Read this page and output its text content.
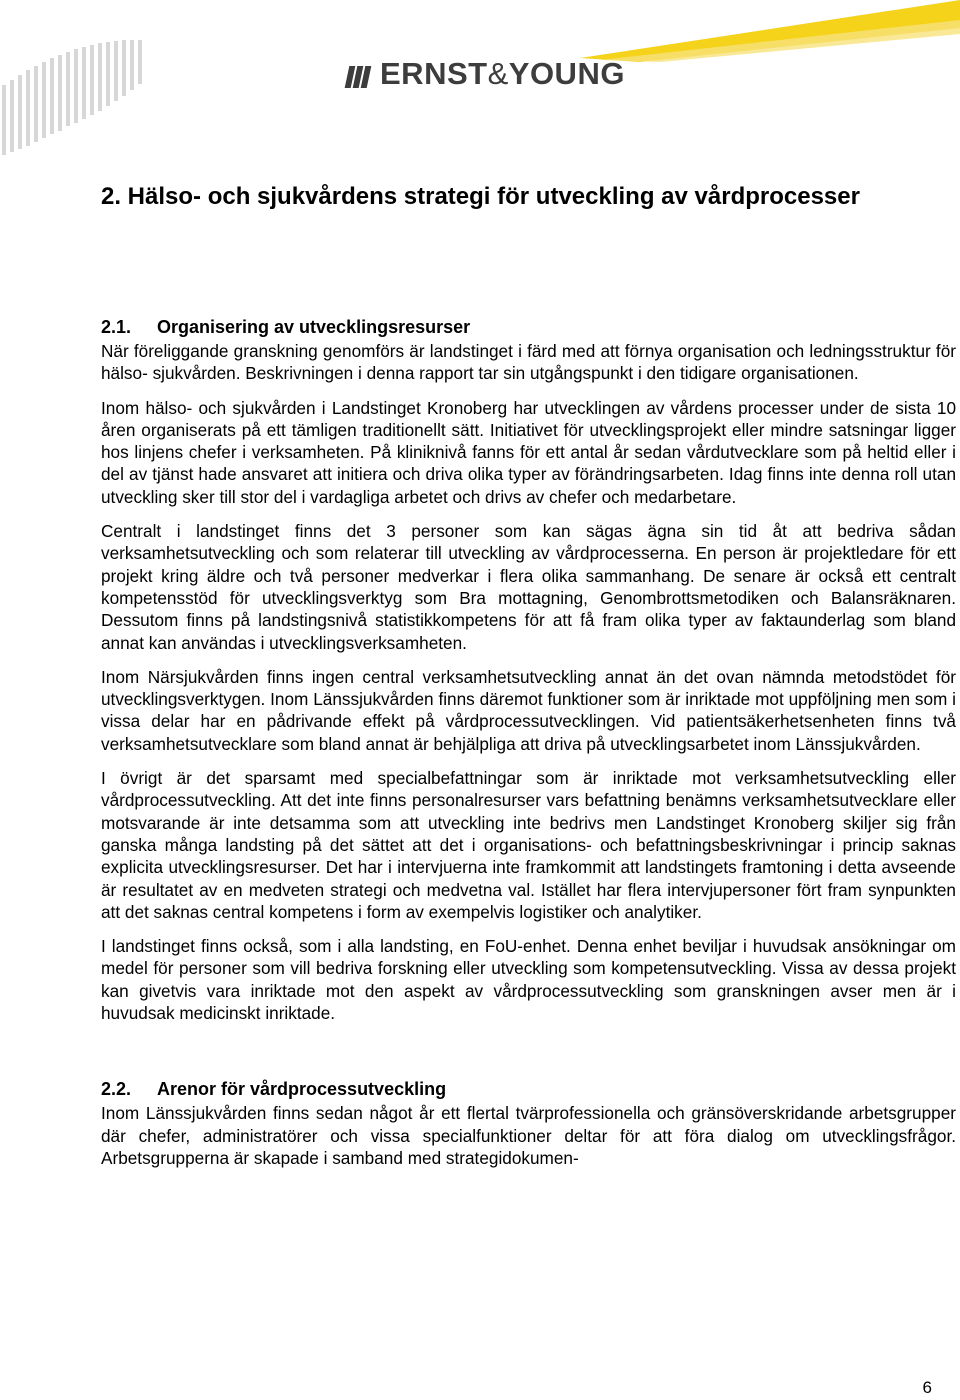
ERNST&YOUNG
2. Hälso- och sjukvårdens strategi för utveckling av vårdprocesser
2.1. Organisering av utvecklingsresurser

När föreliggande granskning genomförs är landstinget i färd med att förnya organisation och ledningsstruktur för hälso- sjukvården. Beskrivningen i denna rapport tar sin utgångspunkt i den tidigare organisationen.

Inom hälso- och sjukvården i Landstinget Kronoberg har utvecklingen av vårdens processer under de sista 10 åren organiserats på ett tämligen traditionellt sätt. Initiativet för utvecklingsprojekt eller mindre satsningar ligger hos linjens chefer i verksamheten. På kliniknivå fanns för ett antal år sedan vårdutvecklare som på heltid eller i del av tjänst hade ansvaret att initiera och driva olika typer av förändringsarbeten. Idag finns inte denna roll utan utveckling sker till stor del i vardagliga arbetet och drivs av chefer och medarbetare.

Centralt i landstinget finns det 3 personer som kan sägas ägna sin tid åt att bedriva sådan verksamhetsutveckling och som relaterar till utveckling av vårdprocesserna. En person är projektledare för ett projekt kring äldre och två personer medverkar i flera olika sammanhang. De senare är också ett centralt kompetensstöd för utvecklingsverktyg som Bra mottagning, Genombrottsmetodiken och Balansräknaren. Dessutom finns på landstingsnivå statistikkompetens för att få fram olika typer av faktaunderlag som bland annat kan användas i utvecklingsverksamheten.

Inom Närsjukvården finns ingen central verksamhetsutveckling annat än det ovan nämnda metodstödet för utvecklingsverktygen. Inom Länssjukvården finns däremot funktioner som är inriktade mot uppföljning men som i vissa delar har en pådrivande effekt på vårdprocessutvecklingen. Vid patientsäkerhetsenheten finns två verksamhetsutvecklare som bland annat är behjälpliga att driva på utvecklingsarbetet inom Länssjukvården.

I övrigt är det sparsamt med specialbefattningar som är inriktade mot verksamhetsutveckling eller vårdprocessutveckling. Att det inte finns personalresurser vars befattning benämns verksamhetsutvecklare eller motsvarande är inte detsamma som att utveckling inte bedrivs men Landstinget Kronoberg skiljer sig från ganska många landsting på det sättet att det i organisations- och befattningsbeskrivningar i princip saknas explicita utvecklingsresurser. Det har i intervjuerna inte framkommit att landstingets framtoning i detta avseende är resultatet av en medveten strategi och medvetna val. Istället har flera intervjupersoner fört fram synpunkten att det saknas central kompetens i form av exempelvis logistiker och analytiker.

I landstinget finns också, som i alla landsting, en FoU-enhet. Denna enhet beviljar i huvudsak ansökningar om medel för personer som vill bedriva forskning eller utveckling som kompetensutveckling. Vissa av dessa projekt kan givetvis vara inriktade mot den aspekt av vårdprocessutveckling som granskningen avser men är i huvudsak medicinskt inriktade.

2.2. Arenor för vårdprocessutveckling

Inom Länssjukvården finns sedan något år ett flertal tvärprofessionella och gränsöverskridande arbetsgrupper där chefer, administratörer och vissa specialfunktioner deltar för att föra dialog om utvecklingsfrågor. Arbetsgrupperna är skapade i samband med strategidokumen-

6
